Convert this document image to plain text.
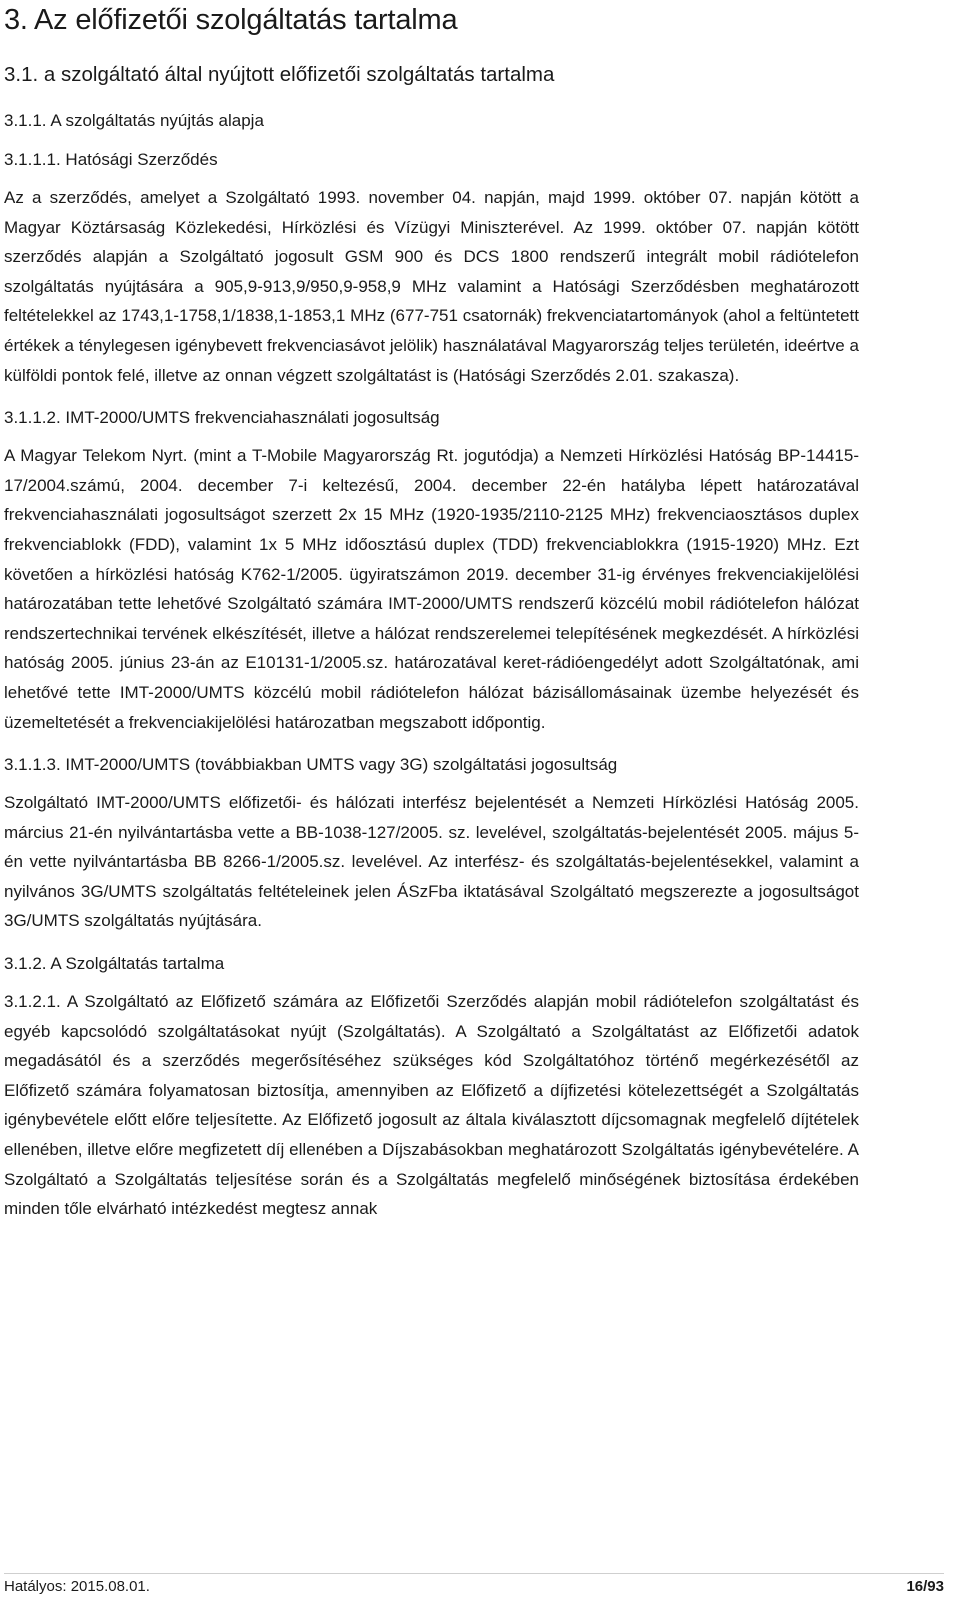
3. Az előfizetői szolgáltatás tartalma
3.1. a szolgáltató által nyújtott előfizetői szolgáltatás tartalma
3.1.1. A szolgáltatás nyújtás alapja
3.1.1.1. Hatósági Szerződés

Az a szerződés, amelyet a Szolgáltató 1993. november 04. napján, majd 1999. október 07. napján kötött a Magyar Köztársaság Közlekedési, Hírközlési és Vízügyi Miniszterével. Az 1999. október 07. napján kötött szerződés alapján a Szolgáltató jogosult GSM 900 és DCS 1800 rendszerű integrált mobil rádiótelefon szolgáltatás nyújtására a 905,9-913,9/950,9-958,9 MHz valamint a Hatósági Szerződésben meghatározott feltételekkel az 1743,1-1758,1/1838,1-1853,1 MHz (677-751 csatornák) frekvenciatartományok (ahol a feltüntetett értékek a ténylegesen igénybevett frekvenciasávot jelölik) használatával Magyarország teljes területén, ideértve a külföldi pontok felé, illetve az onnan végzett szolgáltatást is (Hatósági Szerződés 2.01. szakasza).

3.1.1.2. IMT-2000/UMTS frekvenciahasználati jogosultság

A Magyar Telekom Nyrt. (mint a T-Mobile Magyarország Rt. jogutódja) a Nemzeti Hírközlési Hatóság BP-14415-17/2004.számú, 2004. december 7-i keltezésű, 2004. december 22-én hatályba lépett határozatával frekvenciahasználati jogosultságot szerzett 2x 15 MHz (1920-1935/2110-2125 MHz) frekvenciaosztásos duplex frekvenciablokk (FDD), valamint 1x 5 MHz időosztású duplex (TDD) frekvenciablokkra (1915-1920) MHz. Ezt követően a hírközlési hatóság K762-1/2005. ügyiratszámon 2019. december 31-ig érvényes frekvenciakijelölési határozatában tette lehetővé Szolgáltató számára IMT-2000/UMTS rendszerű közcélú mobil rádiótelefon hálózat rendszertechnikai tervének elkészítését, illetve a hálózat rendszerelemei telepítésének megkezdését. A hírközlési hatóság 2005. június 23-án az E10131-1/2005.sz. határozatával keret-rádióengedélyt adott Szolgáltatónak, ami lehetővé tette IMT-2000/UMTS közcélú mobil rádiótelefon hálózat bázisállomásainak üzembe helyezését és üzemeltetését a frekvenciakijelölési határozatban megszabott időpontig.

3.1.1.3. IMT-2000/UMTS (továbbiakban UMTS vagy 3G) szolgáltatási jogosultság

Szolgáltató IMT-2000/UMTS előfizetői- és hálózati interfész bejelentését a Nemzeti Hírközlési Hatóság 2005. március 21-én nyilvántartásba vette a BB-1038-127/2005. sz. levelével, szolgáltatás-bejelentését 2005. május 5-én vette nyilvántartásba BB 8266-1/2005.sz. levelével. Az interfész- és szolgáltatás-bejelentésekkel, valamint a nyilvános 3G/UMTS szolgáltatás feltételeinek jelen ÁSzFba iktatásával Szolgáltató megszerezte a jogosultságot 3G/UMTS szolgáltatás nyújtására.

3.1.2. A Szolgáltatás tartalma

3.1.2.1. A Szolgáltató az Előfizető számára az Előfizetői Szerződés alapján mobil rádiótelefon szolgáltatást és egyéb kapcsolódó szolgáltatásokat nyújt (Szolgáltatás). A Szolgáltató a Szolgáltatást az Előfizetői adatok megadásától és a szerződés megerősítéséhez szükséges kód Szolgáltatóhoz történő megérkezésétől az Előfizető számára folyamatosan biztosítja, amennyiben az Előfizető a díjfizetési kötelezettségét a Szolgáltatás igénybevétele előtt előre teljesítette. Az Előfizető jogosult az általa kiválasztott díjcsomagnak megfelelő díjtételek ellenében, illetve előre megfizetett díj ellenében a Díjszabásokban meghatározott Szolgáltatás igénybevételére. A Szolgáltató a Szolgáltatás teljesítése során és a Szolgáltatás megfelelő minőségének biztosítása érdekében minden tőle elvárható intézkedést megtesz annak

Hatályos: 2015.08.01.	16/93
